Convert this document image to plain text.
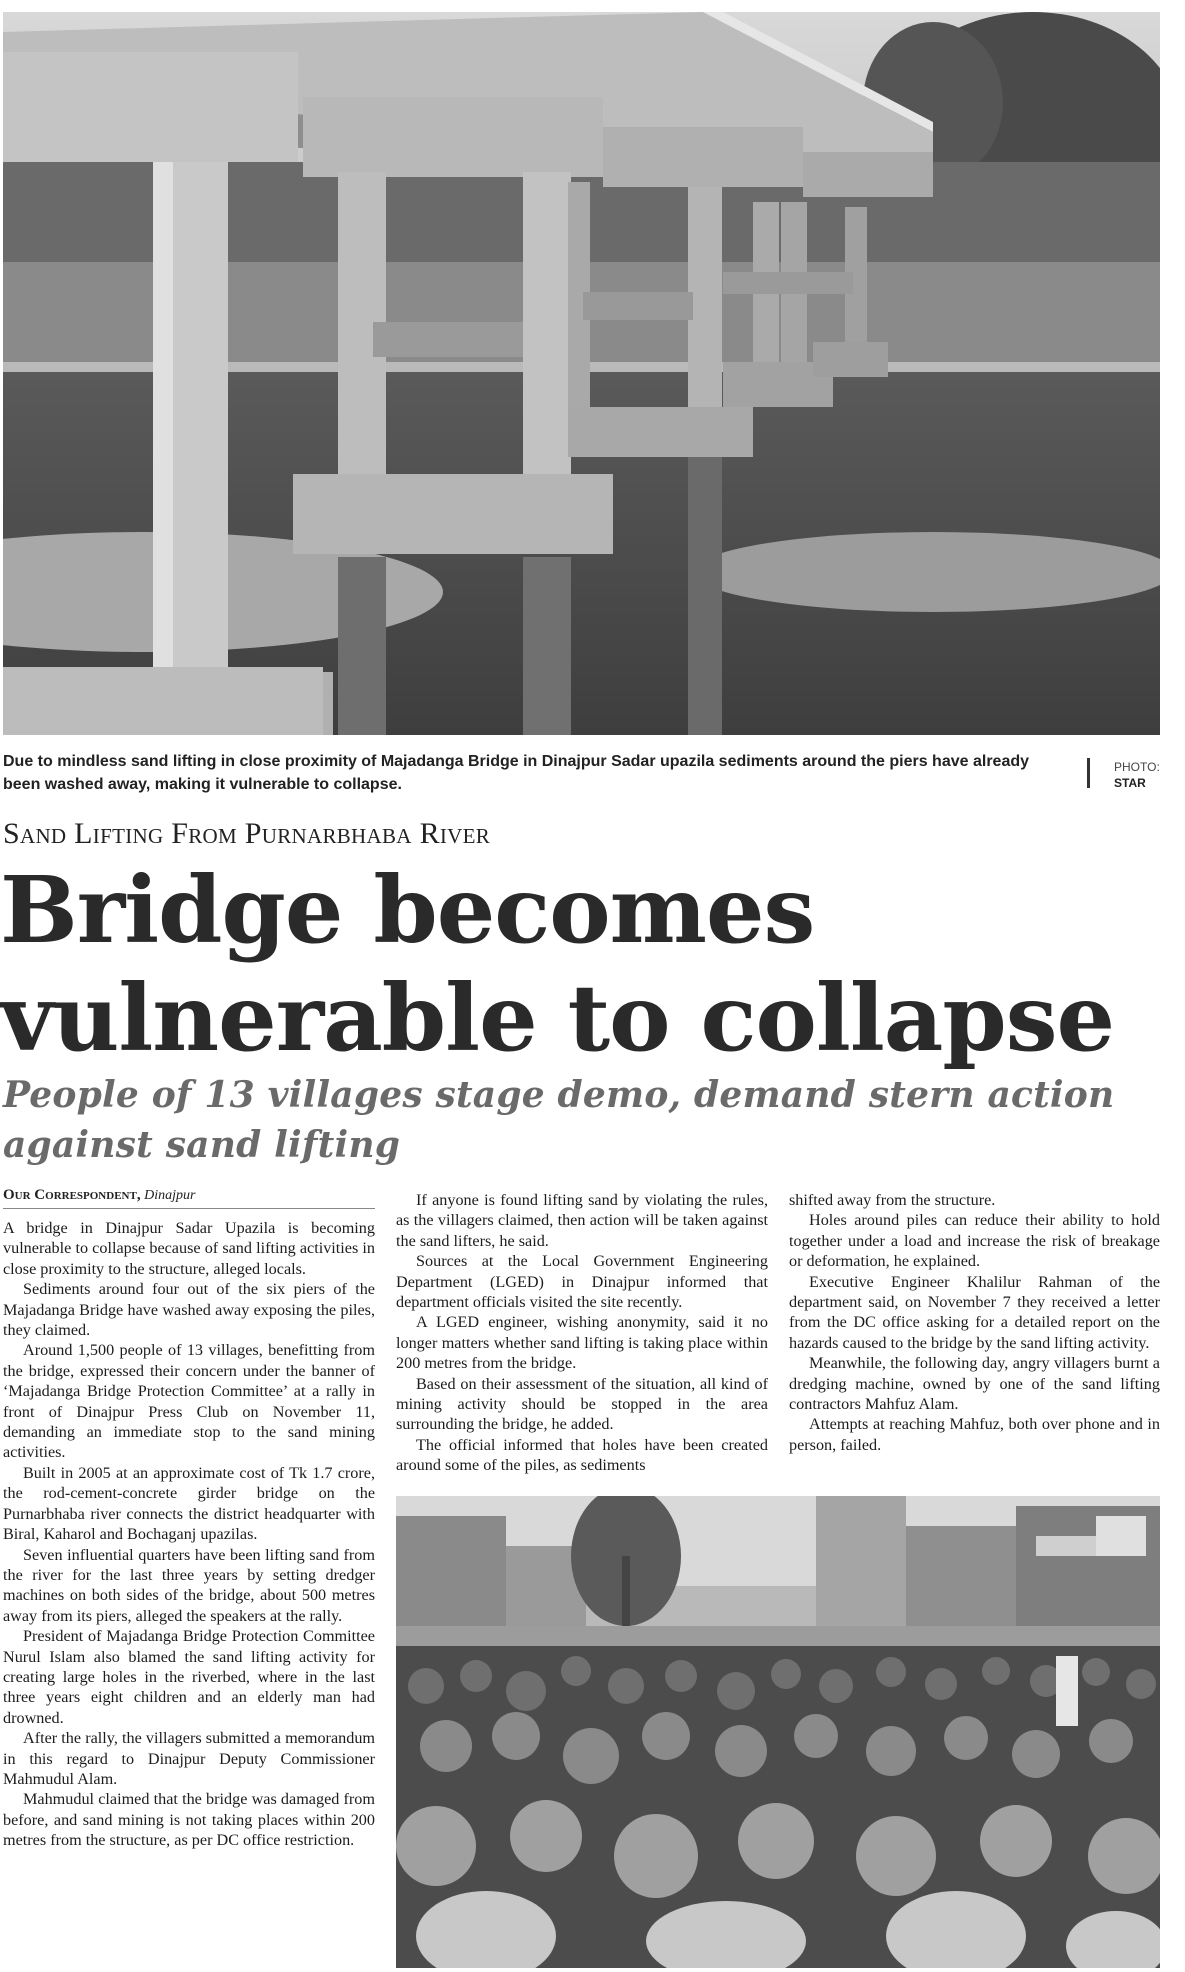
Due to mindless sand lifting in close proximity of Majadanga Bridge in Dinajpur Sadar upazila sediments around the piers have already been washed away, making it vulnerable to collapse.
PHOTO:
STAR
Sand Lifting From Purnarbhaba River
Bridge becomes vulnerable to collapse
People of 13 villages stage demo, demand stern action against sand lifting
Our Correspondent, Dinajpur

A bridge in Dinajpur Sadar Upazila is becoming vulnerable to collapse because of sand lifting activities in close proximity to the structure, alleged locals.

Sediments around four out of the six piers of the Majadanga Bridge have washed away exposing the piles, they claimed.

Around 1,500 people of 13 villages, benefitting from the bridge, expressed their concern under the banner of ‘Majadanga Bridge Protection Committee’ at a rally in front of Dinajpur Press Club on November 11, demanding an immediate stop to the sand mining activities.

Built in 2005 at an approximate cost of Tk 1.7 crore, the rod-cement-concrete girder bridge on the Purnarbhaba river connects the district headquarter with Biral, Kaharol and Bochaganj upazilas.

Seven influential quarters have been lifting sand from the river for the last three years by setting dredger machines on both sides of the bridge, about 500 metres away from its piers, alleged the speakers at the rally.

President of Majadanga Bridge Protection Committee Nurul Islam also blamed the sand lifting activity for creating large holes in the riverbed, where in the last three years eight children and an elderly man had drowned.

After the rally, the villagers submitted a memorandum in this regard to Dinajpur Deputy Commissioner Mahmudul Alam.

Mahmudul claimed that the bridge was damaged from before, and sand mining is not taking places within 200 metres from the structure, as per DC office restriction.

If anyone is found lifting sand by violating the rules, as the villagers claimed, then action will be taken against the sand lifters, he said.

Sources at the Local Government Engineering Department (LGED) in Dinajpur informed that department officials visited the site recently.

A LGED engineer, wishing anonymity, said it no longer matters whether sand lifting is taking place within 200 metres from the bridge.

Based on their assessment of the situation, all kind of mining activity should be stopped in the area surrounding the bridge, he added.

The official informed that holes have been created around some of the piles, as sediments

shifted away from the structure.

Holes around piles can reduce their ability to hold together under a load and increase the risk of breakage or deformation, he explained.

Executive Engineer Khalilur Rahman of the department said, on November 7 they received a letter from the DC office asking for a detailed report on the hazards caused to the bridge by the sand lifting activity.

Meanwhile, the following day, angry villagers burnt a dredging machine, owned by one of the sand lifting contractors Mahfuz Alam.

Attempts at reaching Mahfuz, both over phone and in person, failed.
